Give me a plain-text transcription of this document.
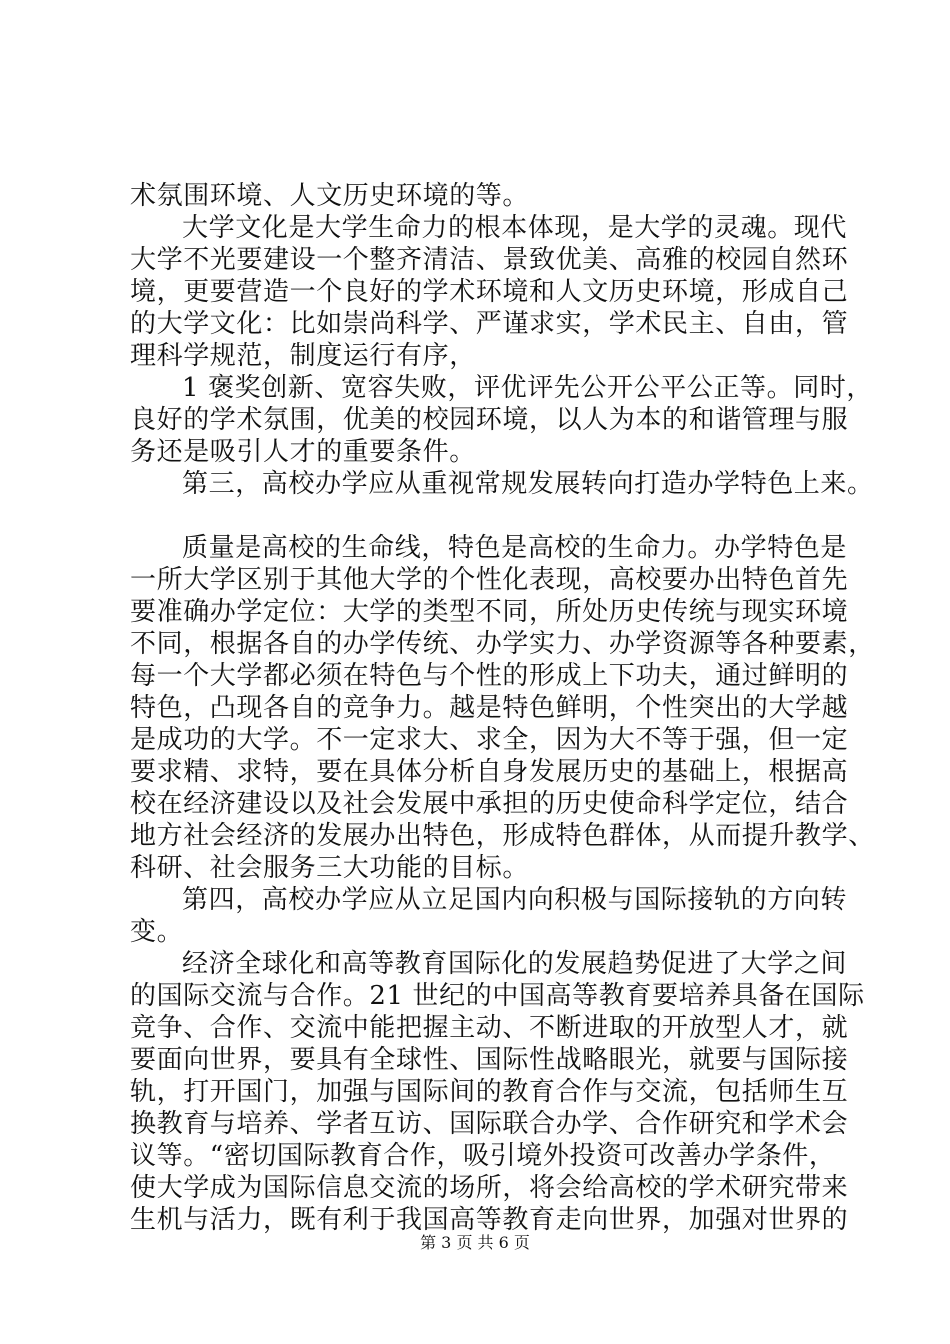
术氛围环境、人文历史环境的等。
大学文化是大学生命力的根本体现，是大学的灵魂。现代
大学不光要建设一个整齐清洁、景致优美、高雅的校园自然环
境，更要营造一个良好的学术环境和人文历史环境，形成自己
的大学文化：比如崇尚科学、严谨求实，学术民主、自由，管
理科学规范，制度运行有序，
1 褒奖创新、宽容失败，评优评先公开公平公正等。同时，
良好的学术氛围，优美的校园环境，以人为本的和谐管理与服
务还是吸引人才的重要条件。
第三，高校办学应从重视常规发展转向打造办学特色上来。
质量是高校的生命线，特色是高校的生命力。办学特色是
一所大学区别于其他大学的个性化表现，高校要办出特色首先
要准确办学定位：大学的类型不同，所处历史传统与现实环境
不同，根据各自的办学传统、办学实力、办学资源等各种要素，
每一个大学都必须在特色与个性的形成上下功夫，通过鲜明的
特色，凸现各自的竞争力。越是特色鲜明，个性突出的大学越
是成功的大学。不一定求大、求全，因为大不等于强，但一定
要求精、求特，要在具体分析自身发展历史的基础上，根据高
校在经济建设以及社会发展中承担的历史使命科学定位，结合
地方社会经济的发展办出特色，形成特色群体，从而提升教学、
科研、社会服务三大功能的目标。
第四，高校办学应从立足国内向积极与国际接轨的方向转
变。
经济全球化和高等教育国际化的发展趋势促进了大学之间
的国际交流与合作。21 世纪的中国高等教育要培养具备在国际
竞争、合作、交流中能把握主动、不断进取的开放型人才，就
要面向世界，要具有全球性、国际性战略眼光，就要与国际接
轨，打开国门，加强与国际间的教育合作与交流，包括师生互
换教育与培养、学者互访、国际联合办学、合作研究和学术会
议等。“密切国际教育合作，吸引境外投资可改善办学条件，
使大学成为国际信息交流的场所，将会给高校的学术研究带来
生机与活力，既有利于我国高等教育走向世界，加强对世界的
第 3 页 共 6 页
